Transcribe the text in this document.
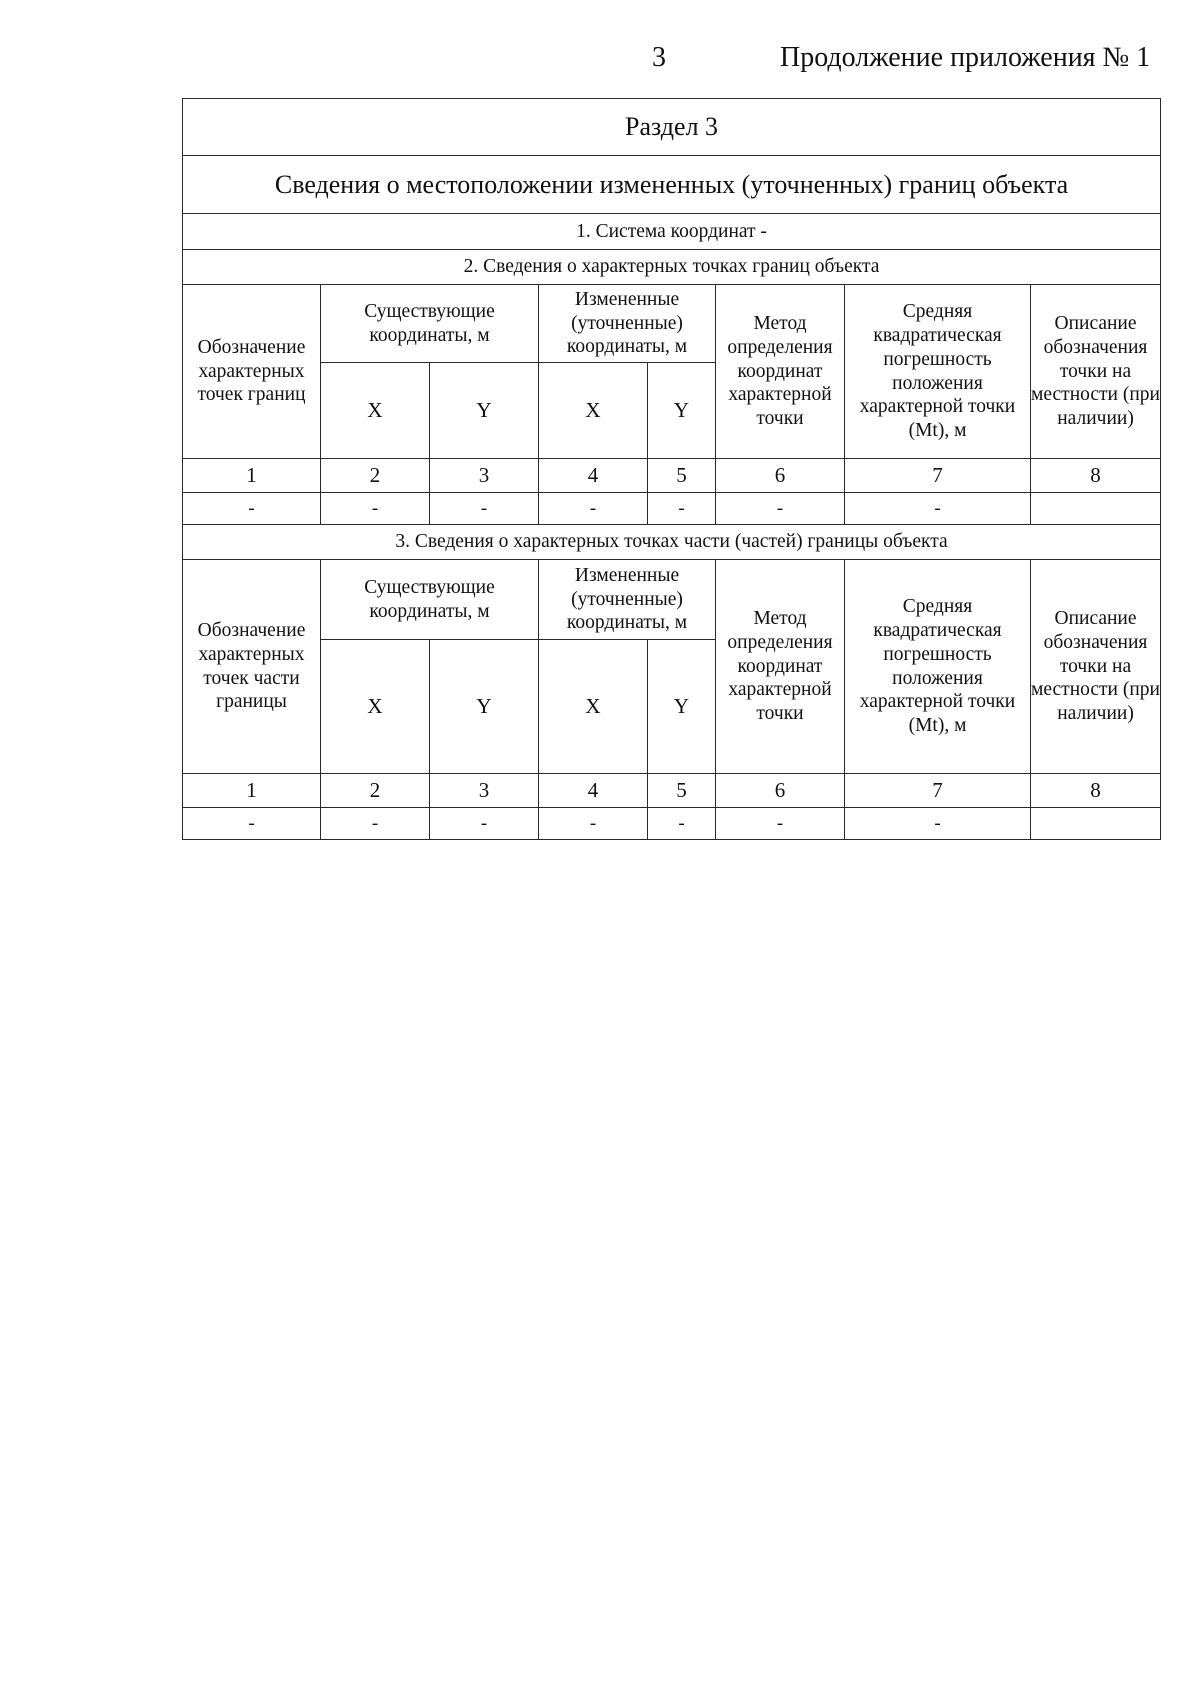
3	Продолжение приложения № 1
Раздел 3							
Сведения о местоположении измененных (уточненных) границ объекта							
1. Система координат -							
2. Сведения о характерных точках границ объекта							
Обозначение характерных точек границ	Существующие координаты, м		Измененные (уточненные) координаты, м		Метод определения координат характерной точки	Средняя квадратическая погрешность положения характерной точки (Mt), м	Описание обозначения точки на местности (при наличии)
	X	Y	X	Y			
1	2	3	4	5	6	7	8
-	-	-	-	-	-	-	
3. Сведения о характерных точках части (частей) границы объекта							
Обозначение характерных точек части границы	Существующие координаты, м		Измененные (уточненные) координаты, м		Метод определения координат характерной точки	Средняя квадратическая погрешность положения характерной точки (Mt), м	Описание обозначения точки на местности (при наличии)
	X	Y	X	Y			
1	2	3	4	5	6	7	8
-	-	-	-	-	-	-	
